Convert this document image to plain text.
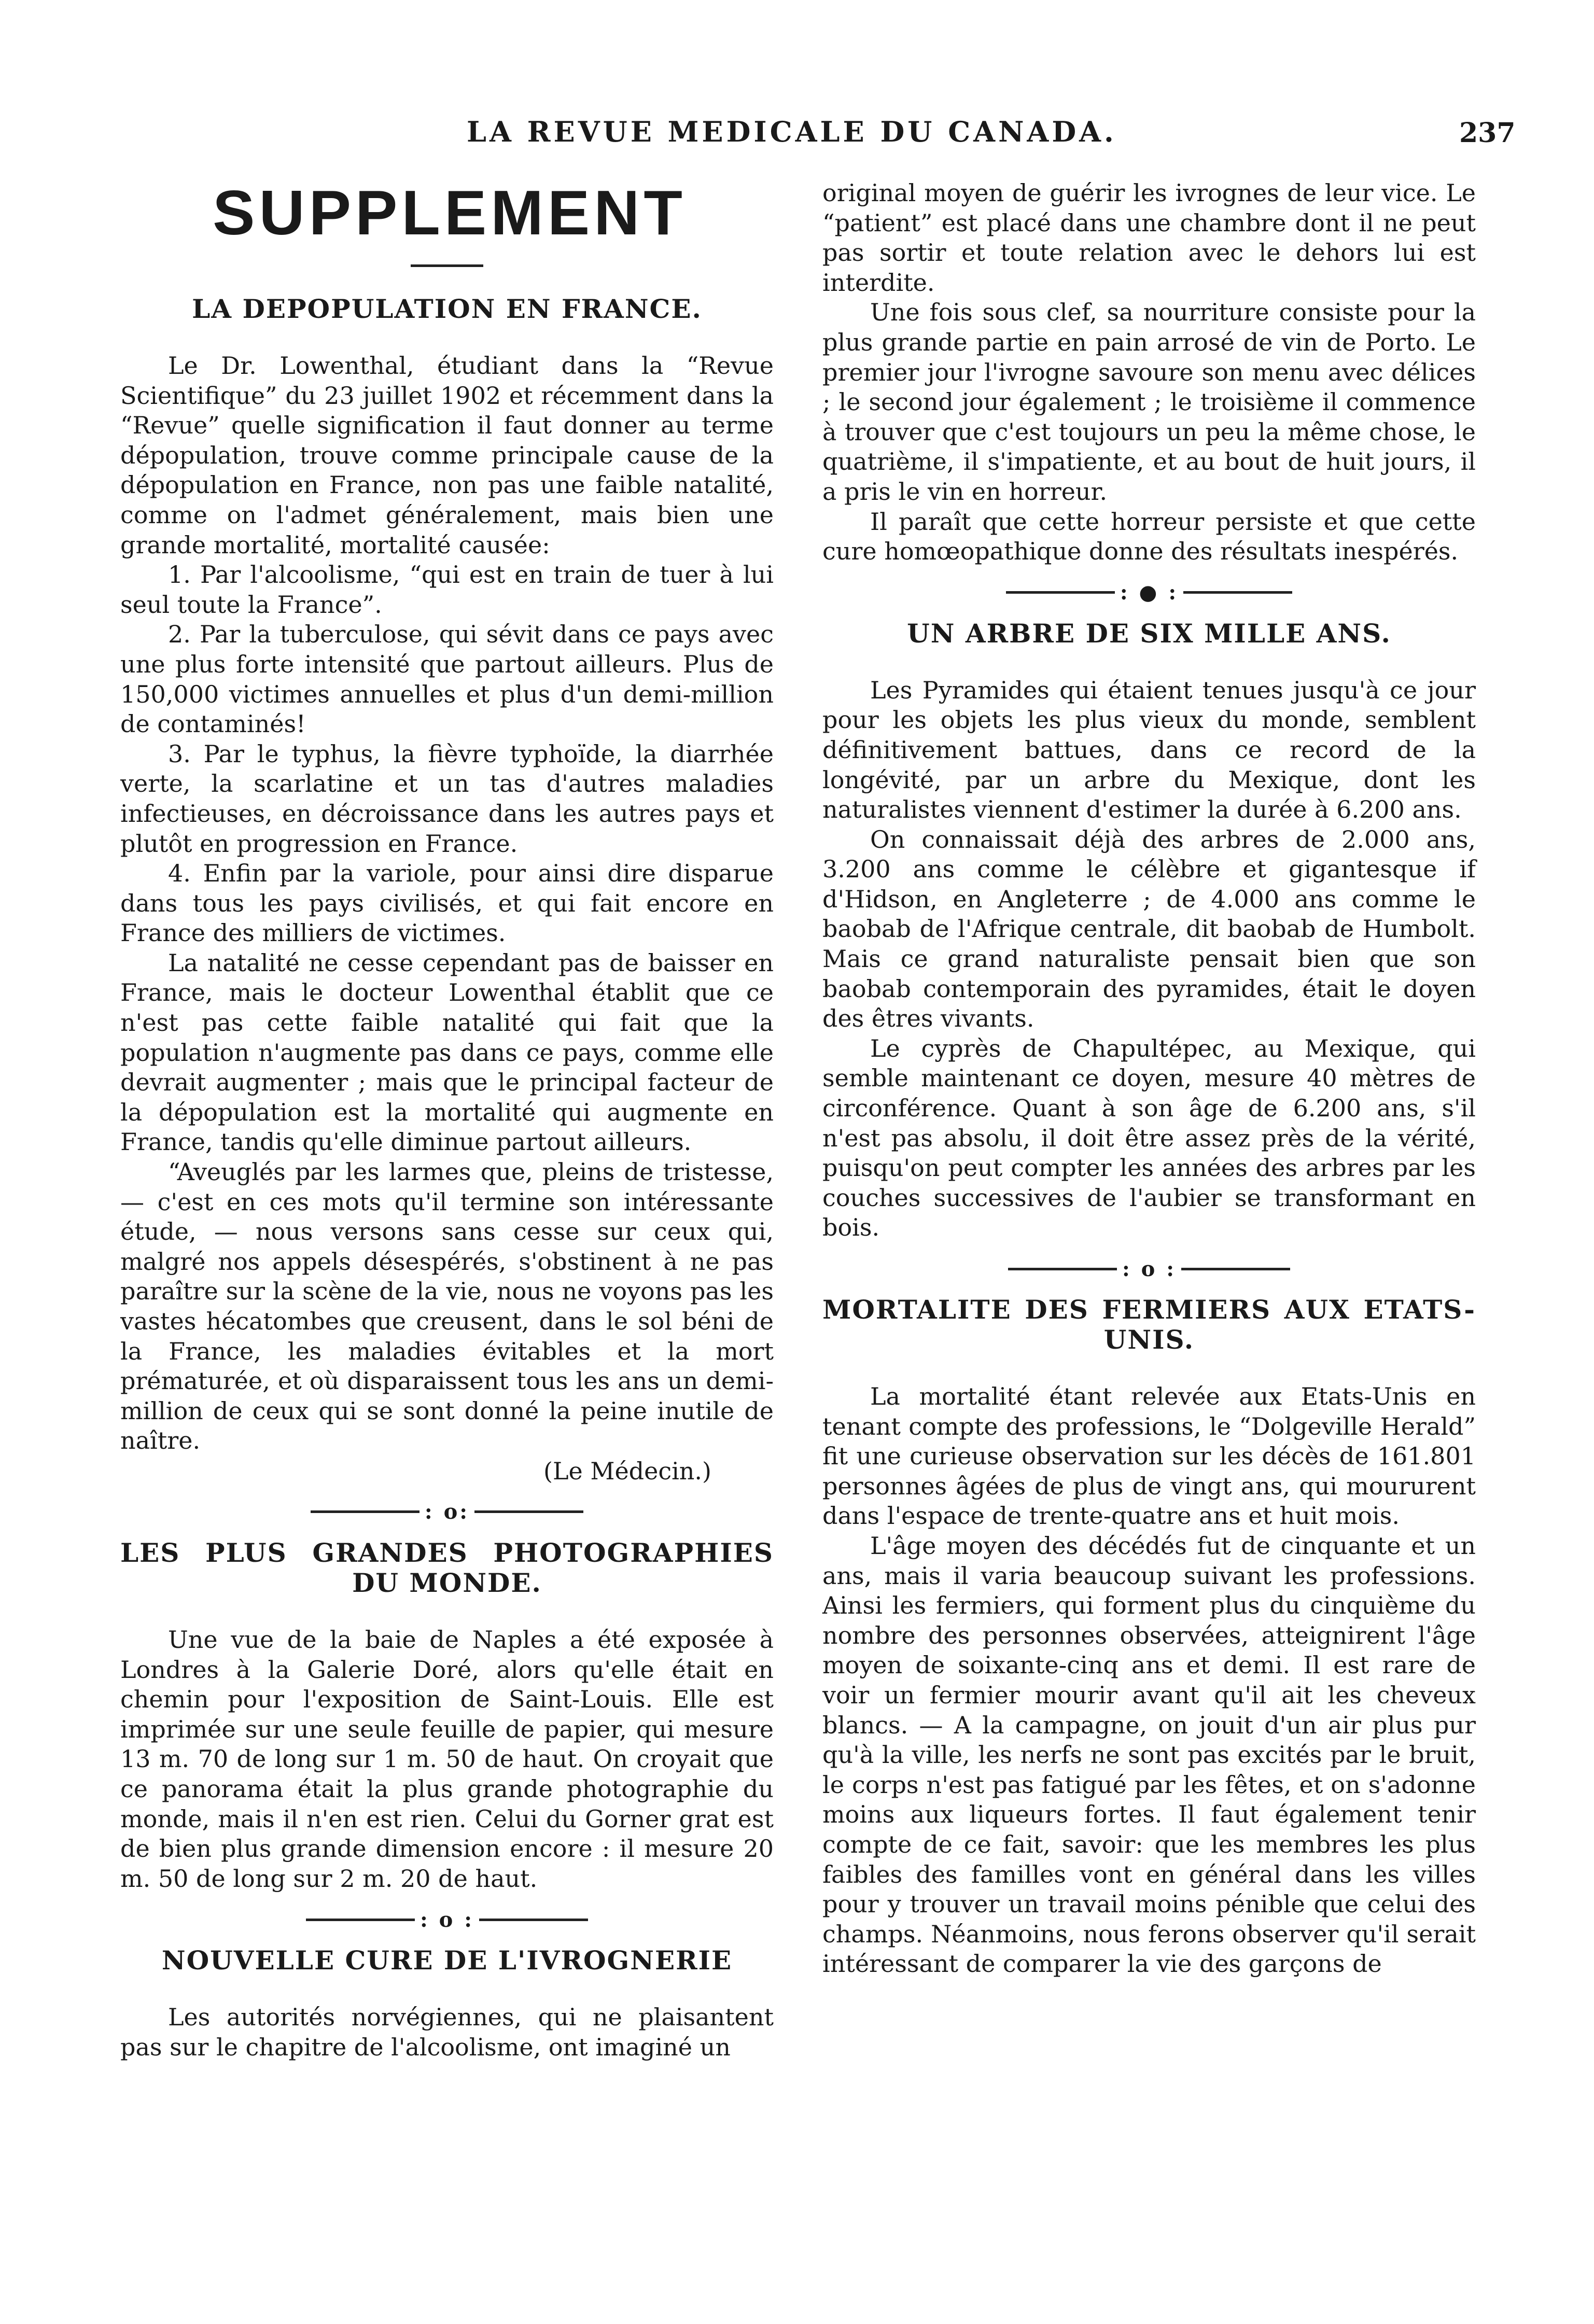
LA REVUE MEDICALE DU CANADA.	237
SUPPLEMENT
LA DEPOPULATION EN FRANCE.

Le Dr. Lowenthal, étudiant dans la “Revue Scientifique” du 23 juillet 1902 et récemment dans la “Revue” quelle signification il faut donner au terme dépopulation, trouve comme principale cause de la dépopulation en France, non pas une faible natalité, comme on l'admet généralement, mais bien une grande mortalité, mortalité causée:

1. Par l'alcoolisme, “qui est en train de tuer à lui seul toute la France”.

2. Par la tuberculose, qui sévit dans ce pays avec une plus forte intensité que partout ailleurs. Plus de 150,000 victimes annuelles et plus d'un demi-million de contaminés!

3. Par le typhus, la fièvre typhoïde, la diarrhée verte, la scarlatine et un tas d'autres maladies infectieuses, en décroissance dans les autres pays et plutôt en progression en France.

4. Enfin par la variole, pour ainsi dire disparue dans tous les pays civilisés, et qui fait encore en France des milliers de victimes.

La natalité ne cesse cependant pas de baisser en France, mais le docteur Lowenthal établit que ce n'est pas cette faible natalité qui fait que la population n'augmente pas dans ce pays, comme elle devrait augmenter ; mais que le principal facteur de la dépopulation est la mortalité qui augmente en France, tandis qu'elle diminue partout ailleurs.

“Aveuglés par les larmes que, pleins de tristesse, — c'est en ces mots qu'il termine son intéressante étude, — nous versons sans cesse sur ceux qui, malgré nos appels désespérés, s'obstinent à ne pas paraître sur la scène de la vie, nous ne voyons pas les vastes hécatombes que creusent, dans le sol béni de la France, les maladies évitables et la mort prématurée, et où disparaissent tous les ans un demi-million de ceux qui se sont donné la peine inutile de naître.

(Le Médecin.)
: o:
LES PLUS GRANDES PHOTOGRAPHIES DU MONDE.

Une vue de la baie de Naples a été exposée à Londres à la Galerie Doré, alors qu'elle était en chemin pour l'exposition de Saint-Louis. Elle est imprimée sur une seule feuille de papier, qui mesure 13 m. 70 de long sur 1 m. 50 de haut. On croyait que ce panorama était la plus grande photographie du monde, mais il n'en est rien. Celui du Gorner grat est de bien plus grande dimension encore : il mesure 20 m. 50 de long sur 2 m. 20 de haut.

: o :
NOUVELLE CURE DE L'IVROGNERIE

Les autorités norvégiennes, qui ne plaisantent pas sur le chapitre de l'alcoolisme, ont imaginé un

original moyen de guérir les ivrognes de leur vice. Le “patient” est placé dans une chambre dont il ne peut pas sortir et toute relation avec le dehors lui est interdite.

Une fois sous clef, sa nourriture consiste pour la plus grande partie en pain arrosé de vin de Porto. Le premier jour l'ivrogne savoure son menu avec délices ; le second jour également ; le troisième il commence à trouver que c'est toujours un peu la même chose, le quatrième, il s'impatiente, et au bout de huit jours, il a pris le vin en horreur.

Il paraît que cette horreur persiste et que cette cure homœopathique donne des résultats inespérés.

: ● :
UN ARBRE DE SIX MILLE ANS.

Les Pyramides qui étaient tenues jusqu'à ce jour pour les objets les plus vieux du monde, semblent définitivement battues, dans ce record de la longévité, par un arbre du Mexique, dont les naturalistes viennent d'estimer la durée à 6.200 ans.

On connaissait déjà des arbres de 2.000 ans, 3.200 ans comme le célèbre et gigantesque if d'Hidson, en Angleterre ; de 4.000 ans comme le baobab de l'Afrique centrale, dit baobab de Humbolt. Mais ce grand naturaliste pensait bien que son baobab contemporain des pyramides, était le doyen des êtres vivants.

Le cyprès de Chapultépec, au Mexique, qui semble maintenant ce doyen, mesure 40 mètres de circonférence. Quant à son âge de 6.200 ans, s'il n'est pas absolu, il doit être assez près de la vérité, puisqu'on peut compter les années des arbres par les couches successives de l'aubier se transformant en bois.

: o :
MORTALITE DES FERMIERS AUX ETATS-UNIS.

La mortalité étant relevée aux Etats-Unis en tenant compte des professions, le “Dolgeville Herald” fit une curieuse observation sur les décès de 161.801 personnes âgées de plus de vingt ans, qui moururent dans l'espace de trente-quatre ans et huit mois.

L'âge moyen des décédés fut de cinquante et un ans, mais il varia beaucoup suivant les professions. Ainsi les fermiers, qui forment plus du cinquième du nombre des personnes observées, atteignirent l'âge moyen de soixante-cinq ans et demi. Il est rare de voir un fermier mourir avant qu'il ait les cheveux blancs. — A la campagne, on jouit d'un air plus pur qu'à la ville, les nerfs ne sont pas excités par le bruit, le corps n'est pas fatigué par les fêtes, et on s'adonne moins aux liqueurs fortes. Il faut également tenir compte de ce fait, savoir: que les membres les plus faibles des familles vont en général dans les villes pour y trouver un travail moins pénible que celui des champs. Néanmoins, nous ferons observer qu'il serait intéressant de comparer la vie des garçons de
